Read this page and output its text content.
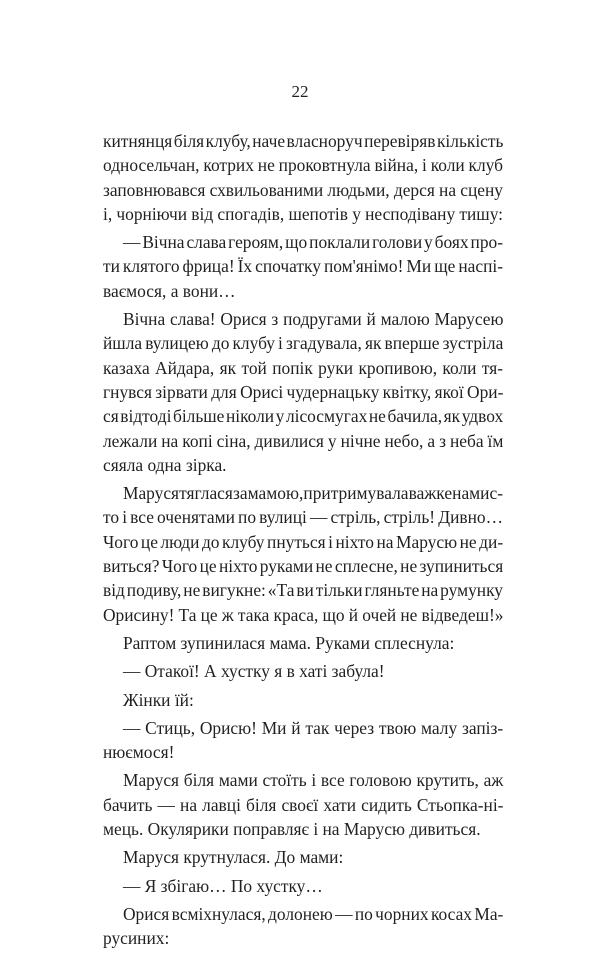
22
китнянця біля клубу, наче власноруч перевіряв кількість
односельчан, котрих не проковтнула війна, і коли клуб
заповнювався схвильованими людьми, дерся на сцену
і, чорніючи від спогадів, шепотів у несподівану тишу:
— Вічна слава героям, що поклали голови у боях про-
ти клятого фрица! Їх спочатку пом'янімо! Ми ще наспі-
ваємося, а вони…
Вічна слава! Орися з подругами й малою Марусею
йшла вулицею до клубу і згадувала, як вперше зустріла
казаха Айдара, як той попік руки кропивою, коли тя-
гнувся зірвати для Орисі чудернацьку квітку, якої Ори-
ся відтоді більше ніколи у лісосмугах не бачила, як удвох
лежали на копі сіна, дивилися у нічне небо, а з неба їм
сяяла одна зірка.
Маруся тяглася за мамою, притримувала важке намис-
то і все оченятами по вулиці — стріль, стріль! Дивно…
Чого це люди до клубу пнуться і ніхто на Марусю не ди-
виться? Чого це ніхто руками не сплесне, не зупиниться
від подиву, не вигукне: «Та ви тільки гляньте на румунку
Орисину! Та це ж така краса, що й очей не відведеш!»
Раптом зупинилася мама. Руками сплеснула:
— Отакої! А хустку я в хаті забула!
Жінки їй:
— Стиць, Орисю! Ми й так через твою малу запіз-
нюємося!
Маруся біля мами стоїть і все головою крутить, аж
бачить — на лавці біля своєї хати сидить Стьопка-ні-
мець. Окулярики поправляє і на Марусю дивиться.
Маруся крутнулася. До мами:
— Я збігаю… По хустку…
Орися всміхнулася, долонею — по чорних косах Ма-
русиних:
